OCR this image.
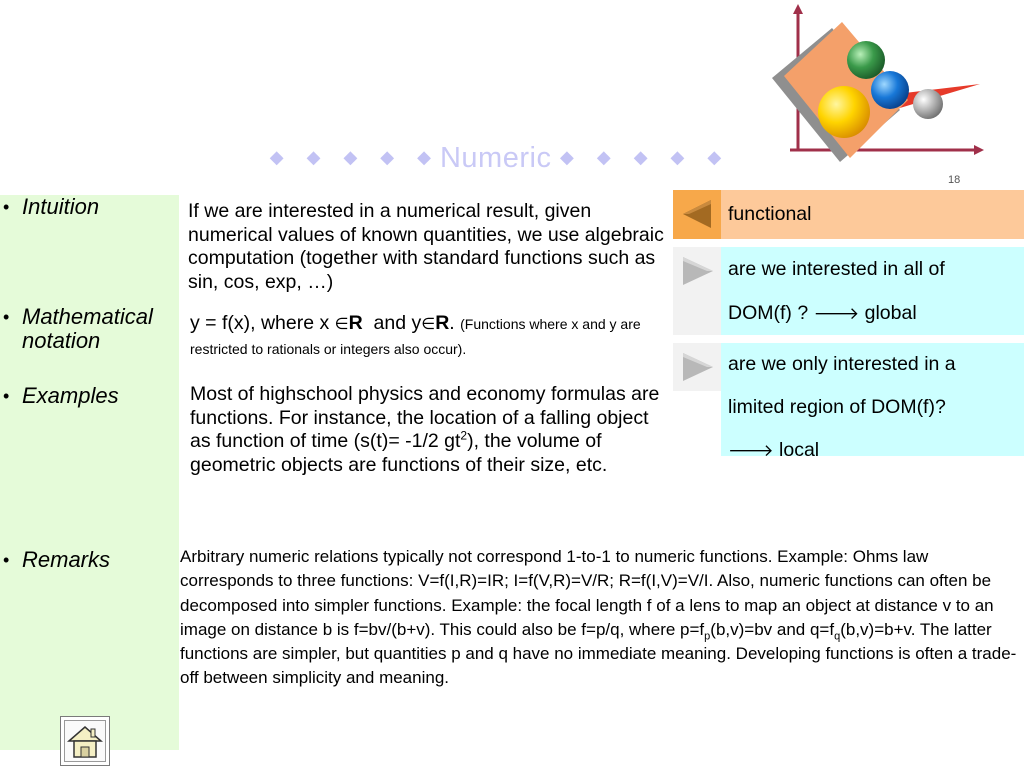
◆ ◆ ◆ ◆ ◆Numeric ◆ ◆ ◆ ◆ ◆
18
• Intuition
• Mathematical notation
• Examples
• Remarks
If we are interested in a numerical result, given numerical values of known quantities, we use algebraic computation (together with standard functions such as sin, cos, exp, …)
y = f(x), where x ∈R  and y∈R. (Functions where x and y are restricted to rationals or integers also occur).
Most of highschool physics and economy formulas are functions. For instance, the location of a falling object as function of time (s(t)= -1/2 $gt^2$), the volume of geometric objects are functions of their size, etc.
Arbitrary numeric relations typically not correspond 1-to-1 to numeric functions. Example: Ohms law corresponds to three functions: V=f(I,R)=IR; I=f(V,R)=V/R; R=f(I,V)=V/I. Also, numeric functions can often be decomposed into simpler functions. Example: the focal length f of a lens to map an object at distance v to an image on distance b is f=bv/(b+v). This could also be f=p/q, where $p=f_p(b,v)=bv$ and $q=f_q(b,v)=b+v$. The latter functions are simpler, but quantities p and q have no immediate meaning. Developing functions is often a trade-off between simplicity and meaning.
functional
are we interested in all of
DOM(f) ? 🡒 global
are we only interested in a
limited region of DOM(f)?
🡒 local
